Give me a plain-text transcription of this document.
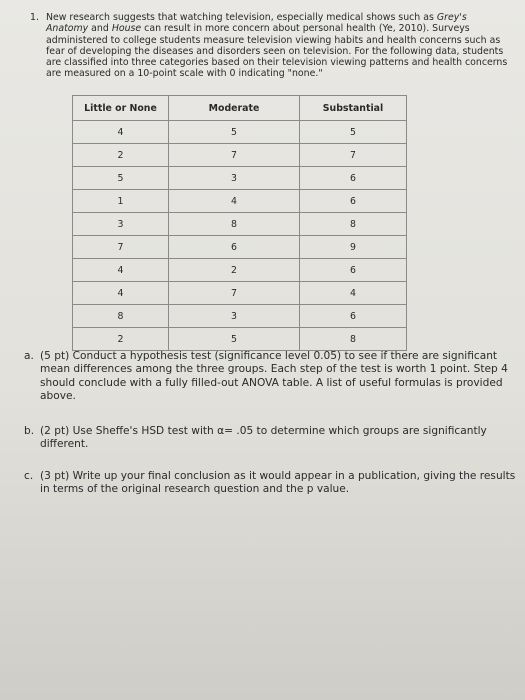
1. New research suggests that watching television, especially medical shows such as Grey's Anatomy and House can result in more concern about personal health (Ye, 2010). Surveys administered to college students measure television viewing habits and health concerns such as fear of developing the diseases and disorders seen on television. For the following data, students are classified into three categories based on their television viewing patterns and health concerns are measured on a 10-point scale with 0 indicating "none."
Little or None	Moderate	Substantial
4	5	5
2	7	7
5	3	6
1	4	6
3	8	8
7	6	9
4	2	6
4	7	4
8	3	6
2	5	8
a. (5 pt) Conduct a hypothesis test (significance level 0.05) to see if there are significant mean differences among the three groups. Each step of the test is worth 1 point. Step 4 should conclude with a fully filled-out ANOVA table. A list of useful formulas is provided above.
b. (2 pt) Use Sheffe's HSD test with α= .05 to determine which groups are significantly different.
c. (3 pt) Write up your final conclusion as it would appear in a publication, giving the results in terms of the original research question and the p value.
